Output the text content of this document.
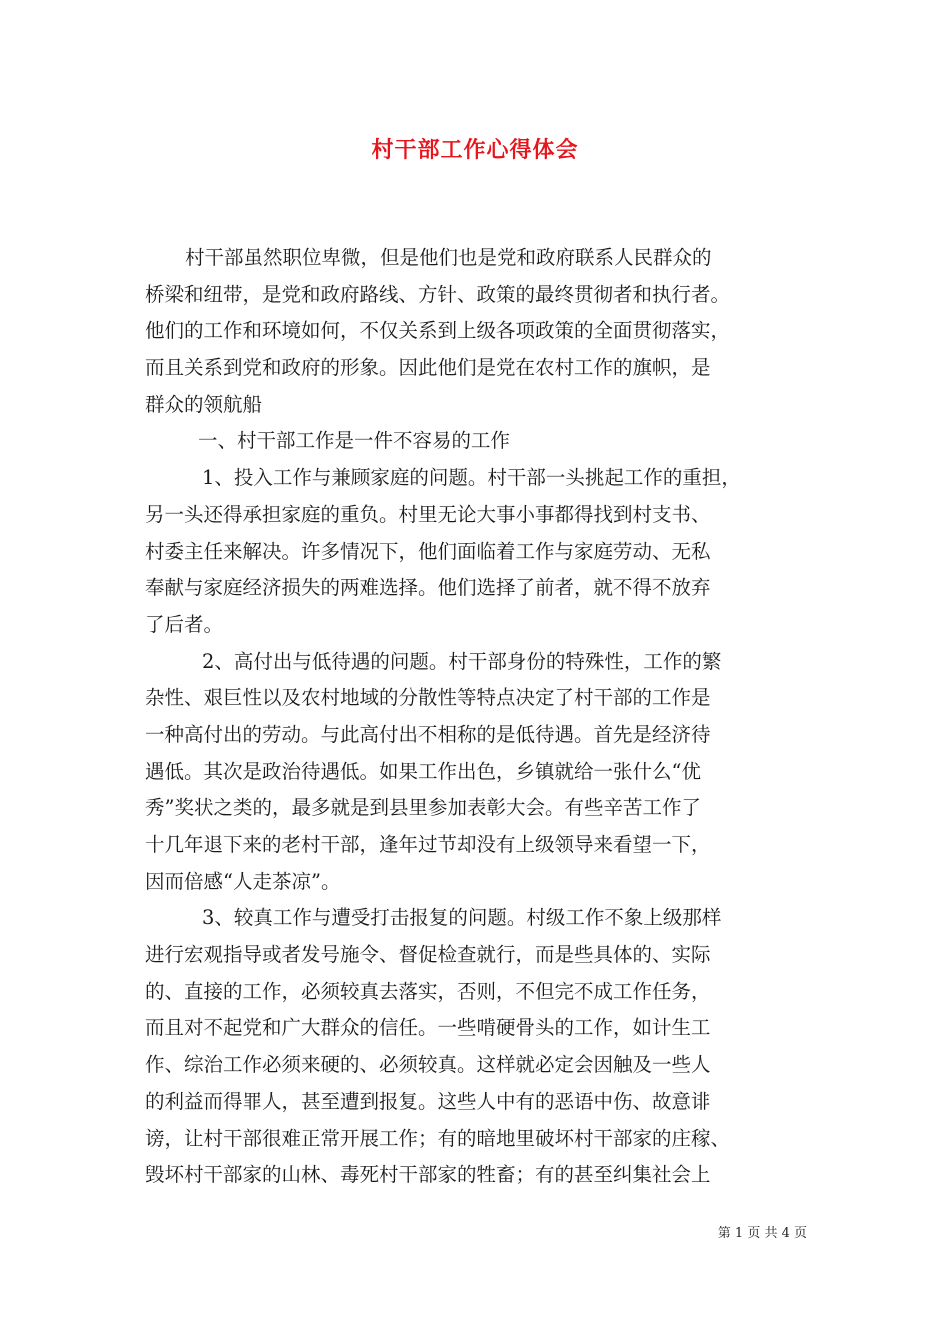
村干部工作心得体会
村干部虽然职位卑微，但是他们也是党和政府联系人民群众的
桥梁和纽带，是党和政府路线、方针、政策的最终贯彻者和执行者。
他们的工作和环境如何，不仅关系到上级各项政策的全面贯彻落实，
而且关系到党和政府的形象。因此他们是党在农村工作的旗帜，是
群众的领航船
一、村干部工作是一件不容易的工作
1、投入工作与兼顾家庭的问题。村干部一头挑起工作的重担，
另一头还得承担家庭的重负。村里无论大事小事都得找到村支书、
村委主任来解决。许多情况下，他们面临着工作与家庭劳动、无私
奉献与家庭经济损失的两难选择。他们选择了前者，就不得不放弃
了后者。
2、高付出与低待遇的问题。村干部身份的特殊性，工作的繁
杂性、艰巨性以及农村地域的分散性等特点决定了村干部的工作是
一种高付出的劳动。与此高付出不相称的是低待遇。首先是经济待
遇低。其次是政治待遇低。如果工作出色，乡镇就给一张什么“优
秀”奖状之类的，最多就是到县里参加表彰大会。有些辛苦工作了
十几年退下来的老村干部，逢年过节却没有上级领导来看望一下，
因而倍感“人走茶凉”。
3、较真工作与遭受打击报复的问题。村级工作不象上级那样
进行宏观指导或者发号施令、督促检查就行，而是些具体的、实际
的、直接的工作，必须较真去落实，否则，不但完不成工作任务，
而且对不起党和广大群众的信任。一些啃硬骨头的工作，如计生工
作、综治工作必须来硬的、必须较真。这样就必定会因触及一些人
的利益而得罪人，甚至遭到报复。这些人中有的恶语中伤、故意诽
谤，让村干部很难正常开展工作；有的暗地里破坏村干部家的庄稼、
毁坏村干部家的山林、毒死村干部家的牲畜；有的甚至纠集社会上
第 1 页 共 4 页
